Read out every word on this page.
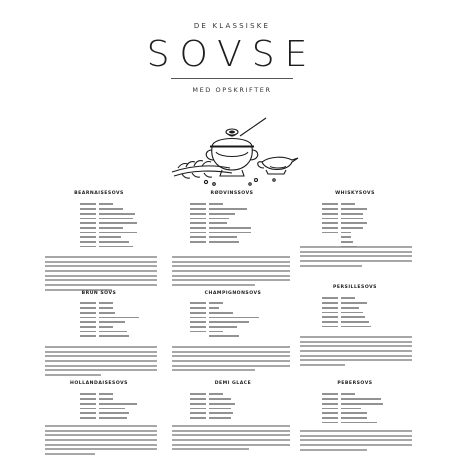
DE KLASSISKE
SOVSE
MED OPSKRIFTER
BEARNAISESOVS	RØDVINSSOVS	WHISKYSOVS
BRUN SOVS	CHAMPIGNONSOVS
PERSILLESOVS
HOLLANDAISESOVS	DEMI GLACE	PEBERSOVS
